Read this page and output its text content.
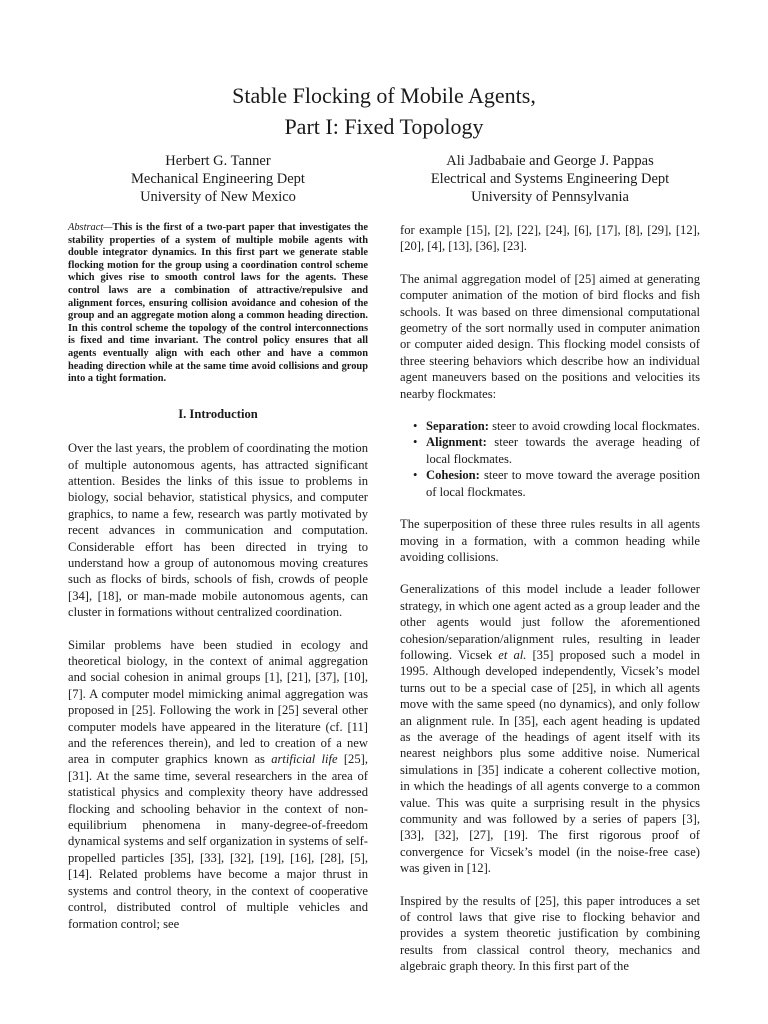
Stable Flocking of Mobile Agents,
Part I: Fixed Topology
Herbert G. Tanner
Mechanical Engineering Dept
University of New Mexico
Ali Jadbabaie and George J. Pappas
Electrical and Systems Engineering Dept
University of Pennsylvania

Abstract—This is the first of a two-part paper that investigates the stability properties of a system of multiple mobile agents with double integrator dynamics. In this first part we generate stable flocking motion for the group using a coordination control scheme which gives rise to smooth control laws for the agents. These control laws are a combination of attractive/repulsive and alignment forces, ensuring collision avoidance and cohesion of the group and an aggregate motion along a common heading direction. In this control scheme the topology of the control interconnections is fixed and time invariant. The control policy ensures that all agents eventually align with each other and have a common heading direction while at the same time avoid collisions and group into a tight formation.

I. Introduction

Over the last years, the problem of coordinating the motion of multiple autonomous agents, has attracted significant attention. Besides the links of this issue to problems in biology, social behavior, statistical physics, and computer graphics, to name a few, research was partly motivated by recent advances in communication and computation. Considerable effort has been directed in trying to understand how a group of autonomous moving creatures such as flocks of birds, schools of fish, crowds of people [34], [18], or man-made mobile autonomous agents, can cluster in formations without centralized coordination.

Similar problems have been studied in ecology and theoretical biology, in the context of animal aggregation and social cohesion in animal groups [1], [21], [37], [10], [7]. A computer model mimicking animal aggregation was proposed in [25]. Following the work in [25] several other computer models have appeared in the literature (cf. [11] and the references therein), and led to creation of a new area in computer graphics known as artificial life [25], [31]. At the same time, several researchers in the area of statistical physics and complexity theory have addressed flocking and schooling behavior in the context of non-equilibrium phenomena in many-degree-of-freedom dynamical systems and self organization in systems of self-propelled particles [35], [33], [32], [19], [16], [28], [5], [14]. Related problems have become a major thrust in systems and control theory, in the context of cooperative control, distributed control of multiple vehicles and formation control; see

for example [15], [2], [22], [24], [6], [17], [8], [29], [12], [20], [4], [13], [36], [23].

The animal aggregation model of [25] aimed at generating computer animation of the motion of bird flocks and fish schools. It was based on three dimensional computational geometry of the sort normally used in computer animation or computer aided design. This flocking model consists of three steering behaviors which describe how an individual agent maneuvers based on the positions and velocities its nearby flockmates:

• Separation: steer to avoid crowding local flockmates.
• Alignment: steer towards the average heading of local flockmates.
• Cohesion: steer to move toward the average position of local flockmates.

The superposition of these three rules results in all agents moving in a formation, with a common heading while avoiding collisions.

Generalizations of this model include a leader follower strategy, in which one agent acted as a group leader and the other agents would just follow the aforementioned cohesion/separation/alignment rules, resulting in leader following. Vicsek et al. [35] proposed such a model in 1995. Although developed independently, Vicsek’s model turns out to be a special case of [25], in which all agents move with the same speed (no dynamics), and only follow an alignment rule. In [35], each agent heading is updated as the average of the headings of agent itself with its nearest neighbors plus some additive noise. Numerical simulations in [35] indicate a coherent collective motion, in which the headings of all agents converge to a common value. This was quite a surprising result in the physics community and was followed by a series of papers [3], [33], [32], [27], [19]. The first rigorous proof of convergence for Vicsek’s model (in the noise-free case) was given in [12].

Inspired by the results of [25], this paper introduces a set of control laws that give rise to flocking behavior and provides a system theoretic justification by combining results from classical control theory, mechanics and algebraic graph theory. In this first part of the
